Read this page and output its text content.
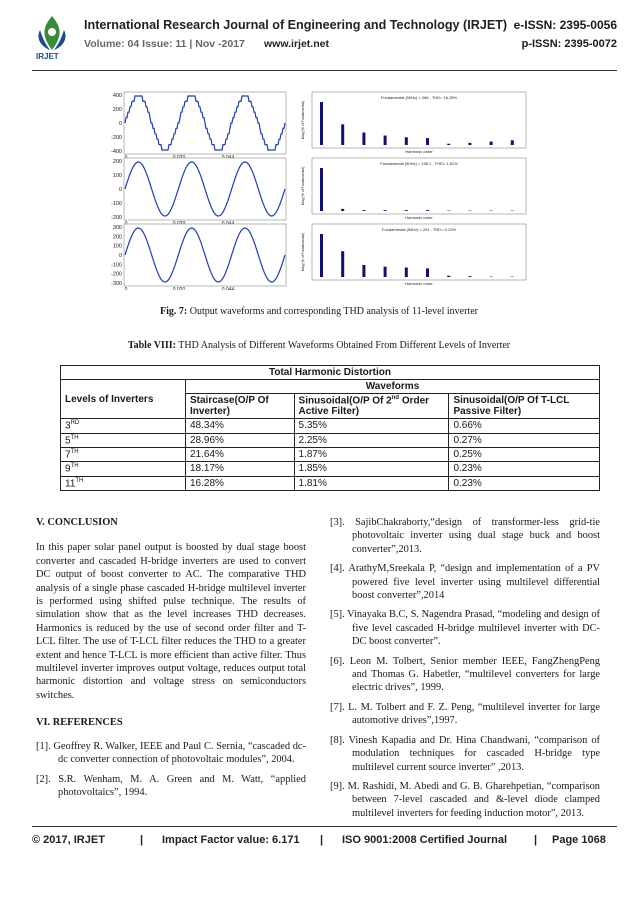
IRJET
International Research Journal of Engineering and Technology (IRJET) e-ISSN: 2395-0056
Volume: 04 Issue: 11 | Nov -2017 www.irjet.net	p-ISSN: 2395-0072
400
200
0
-200
-400
200
100
0
-100
-200
300
200
100
0
-100
-200
-300
0	0.020	0.044
Fundamental (50Hz) = 286 , THD= 16.28%
Harmonic order
Mag (% of Fundamental)
Fundamental (50Hz) = 195.1 , THD= 1.81%
Harmonic order
Mag (% of Fundamental)
Fundamental (50Hz) = 261 , THD= 0.23%
Harmonic order
Mag (% of Fundamental)
Fig. 7: Output waveforms and corresponding THD analysis of 11-level inverter
Table VIII: THD Analysis of Different Waveforms Obtained From Different Levels of Inverter
Total Harmonic Distortion			
Levels of Inverters	Waveforms		
	Staircase(O/P Of Inverter)	Sinusoidal(O/P Of 2nd Order Active Filter)	Sinusoidal(O/P Of T-LCL Passive Filter)
3RD	48.34%	5.35%	0.66%
5TH	28.96%	2.25%	0.27%
7TH	21.64%	1.87%	0.25%
9TH	18.17%	1.85%	0.23%
11TH	16.28%	1.81%	0.23%
V. CONCLUSION
In this paper solar panel output is boosted by dual stage boost converter and cascaded H-bridge inverters are used to convert DC output of boost converter to AC. The comparative THD analysis of a single phase cascaded H-bridge multilevel inverter is performed using shifted pulse technique. The results of simulation show that as the level increases THD decreases. Harmonics is reduced by the use of second order filter and T-LCL filter. The use of T-LCL filter reduces the THD to a greater extent and hence T-LCL is more efficient than active filter. Thus multilevel inverter improves output voltage, reduces output total harmonic distortion and voltage stress on semiconductors switches.
VI. REFERENCES
[1]. Geoffrey R. Walker, IEEE and Paul C. Sernia, “cascaded dc- dc converter connection of photovoltaic modules”, 2004.
[2]. S.R. Wenham, M. A. Green and M. Watt, “applied photovoltaics”, 1994.
[3]. SajibChakraborty,“design of transformer-less grid-tie photovoltaic inverter using dual stage buck and boost converter”,2013.
[4]. ArathyM,Sreekala P, “design and implementation of a PV powered five level inverter using multilevel differential boost converter”,2014
[5]. Vinayaka B.C, S. Nagendra Prasad, “modeling and design of five level cascaded H-bridge multilevel inverter with DC-DC boost converter”.
[6]. Leon M. Tolbert, Senior member IEEE, FangZhengPeng and Thomas G. Habetler, “multilevel converters for large electric drives”, 1999.
[7]. L. M. Tolbert and F. Z. Peng, “multilevel inverter for large automotive drives”,1997.
[8]. Vinesh Kapadia and Dr. Hina Chandwani, “comparison of modulation techniques for cascaded H-bridge type multilevel current source inverter” ,2013.
[9]. M. Rashidi, M. Abedi and G. B. Gharehpetian, “comparison between 7-level cascaded and &-level diode clamped multilevel inverters for feeding induction motor”, 2013.
© 2017, IRJET	| Impact Factor value: 6.171 | ISO 9001:2008 Certified Journal | Page 1068
